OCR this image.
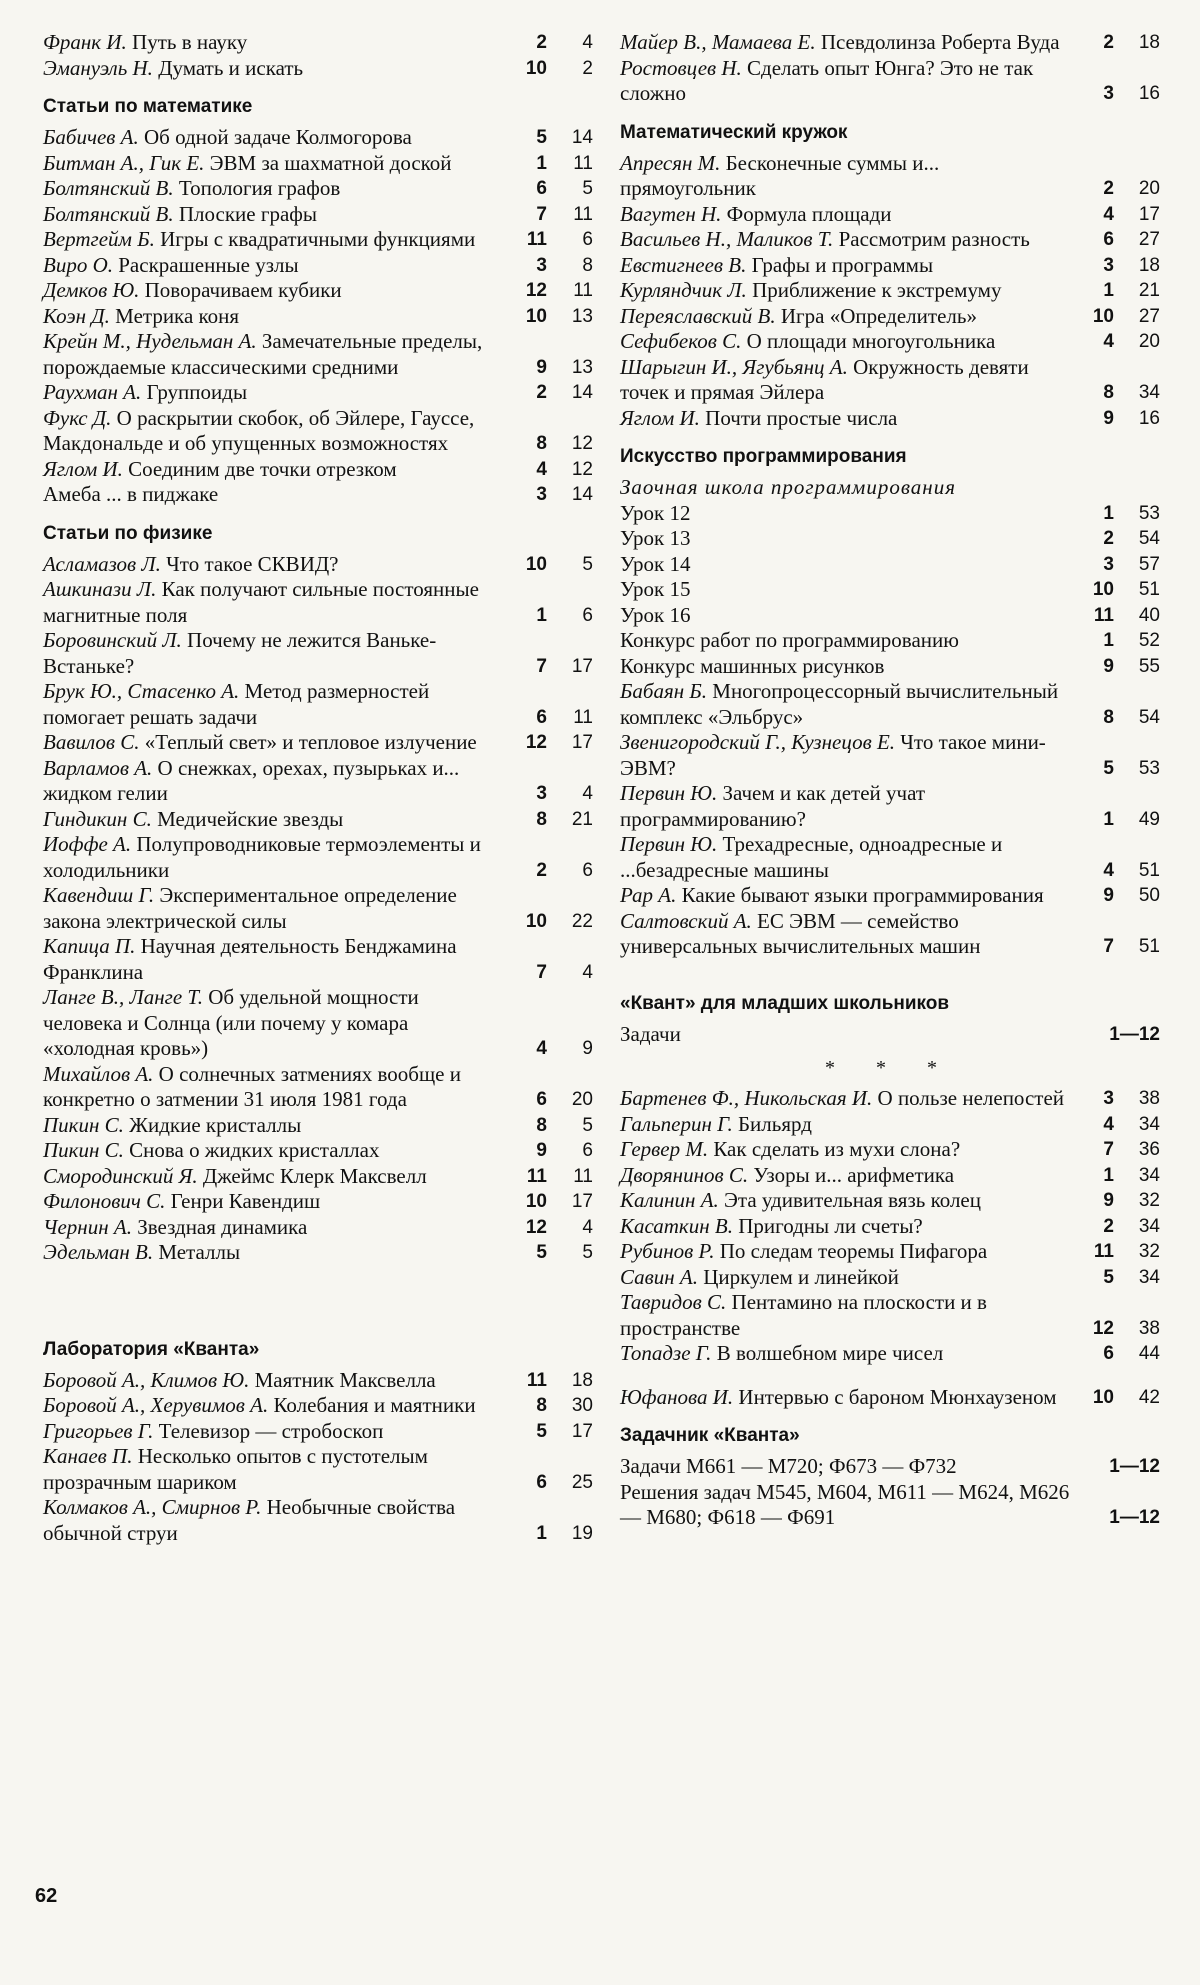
Франк И. Путь в науку	2	4
Эмануэль Н. Думать и искать	10	2
Статьи по математике
Бабичев А. Об одной задаче Колмогорова	5	14
Битман А., Гик Е. ЭВМ за шахматной доской	1	11
Болтянский В. Топология графов	6	5
Болтянский В. Плоские графы	7	11
Вертгейм Б. Игры с квадратичными функциями	11	6
Виро О. Раскрашенные узлы	3	8
Демков Ю. Поворачиваем кубики	12	11
Коэн Д. Метрика коня	10	13
Крейн М., Нудельман А. Замечательные пределы, порождаемые классическими средними	9	13
Раухман А. Группоиды	2	14
Фукс Д. О раскрытии скобок, об Эйлере, Гауссе, Макдональде и об упущенных возможностях	8	12
Яглом И. Соединим две точки отрезком	4	12
Амеба ... в пиджаке	3	14
Статьи по физике
Асламазов Л. Что такое СКВИД?	10	5
Ашкинази Л. Как получают сильные постоянные магнитные поля	1	6
Боровинский Л. Почему не лежится Ваньке-Встаньке?	7	17
Брук Ю., Стасенко А. Метод размерностей помогает решать задачи	6	11
Вавилов С. «Теплый свет» и тепловое излучение	12	17
Варламов А. О снежках, орехах, пузырьках и... жидком гелии	3	4
Гиндикин С. Медичейские звезды	8	21
Иоффе А. Полупроводниковые термоэлементы и холодильники	2	6
Кавендиш Г. Экспериментальное определение закона электрической силы	10	22
Капица П. Научная деятельность Бенджамина Франклина	7	4
Ланге В., Ланге Т. Об удельной мощности человека и Солнца (или почему у комара «холодная кровь»)	4	9
Михайлов А. О солнечных затмениях вообще и конкретно о затмении 31 июля 1981 года	6	20
Пикин С. Жидкие кристаллы	8	5
Пикин С. Снова о жидких кристаллах	9	6
Смородинский Я. Джеймс Клерк Максвелл	11	11
Филонович С. Генри Кавендиш	10	17
Чернин А. Звездная динамика	12	4
Эдельман В. Металлы	5	5
Лаборатория «Кванта»
Боровой А., Климов Ю. Маятник Максвелла	11	18
Боровой А., Херувимов А. Колебания и маятники	8	30
Григорьев Г. Телевизор — стробоскоп	5	17
Канаев П. Несколько опытов с пустотелым прозрачным шариком	6	25
Колмаков А., Смирнов Р. Необычные свойства обычной струи	1	19
Майер В., Мамаева Е. Псевдолинза Роберта Вуда	2	18
Ростовцев Н. Сделать опыт Юнга? Это не так сложно	3	16
Математический кружок
Апресян М. Бесконечные суммы и... прямоугольник	2	20
Вагутен Н. Формула площади	4	17
Васильев Н., Маликов Т. Рассмотрим разность	6	27
Евстигнеев В. Графы и программы	3	18
Курляндчик Л. Приближение к экстремуму	1	21
Переяславский В. Игра «Определитель»	10	27
Сефибеков С. О площади многоугольника	4	20
Шарыгин И., Ягубьянц А. Окружность девяти точек и прямая Эйлера	8	34
Яглом И. Почти простые числа	9	16
Искусство программирования
Заочная школа программирования
Урок 12	1	53
Урок 13	2	54
Урок 14	3	57
Урок 15	10	51
Урок 16	11	40
Конкурс работ по программированию	1	52
Конкурс машинных рисунков	9	55
Бабаян Б. Многопроцессорный вычислительный комплекс «Эльбрус»	8	54
Звенигородский Г., Кузнецов Е. Что такое мини-ЭВМ?	5	53
Первин Ю. Зачем и как детей учат программированию?	1	49
Первин Ю. Трехадресные, одноадресные и ...безадресные машины	4	51
Рар А. Какие бывают языки программирования	9	50
Салтовский А. ЕС ЭВМ — семейство универсальных вычислительных машин	7	51
«Квант» для младших школьников
Задачи	1—12
* * *
Бартенев Ф., Никольская И. О пользе нелепостей	3	38
Гальперин Г. Бильярд	4	34
Гервер М. Как сделать из мухи слона?	7	36
Дворянинов С. Узоры и... арифметика	1	34
Калинин А. Эта удивительная вязь колец	9	32
Касаткин В. Пригодны ли счеты?	2	34
Рубинов Р. По следам теоремы Пифагора	11	32
Савин А. Циркулем и линейкой	5	34
Тавридов С. Пентамино на плоскости и в пространстве	12	38
Топадзе Г. В волшебном мире чисел	6	44
Юфанова И. Интервью с бароном Мюнхаузеном	10	42
Задачник «Кванта»
Задачи М661 — М720; Ф673 — Ф732	1—12
Решения задач М545, М604, М611 — М624, М626 — М680; Ф618 — Ф691	1—12
62
